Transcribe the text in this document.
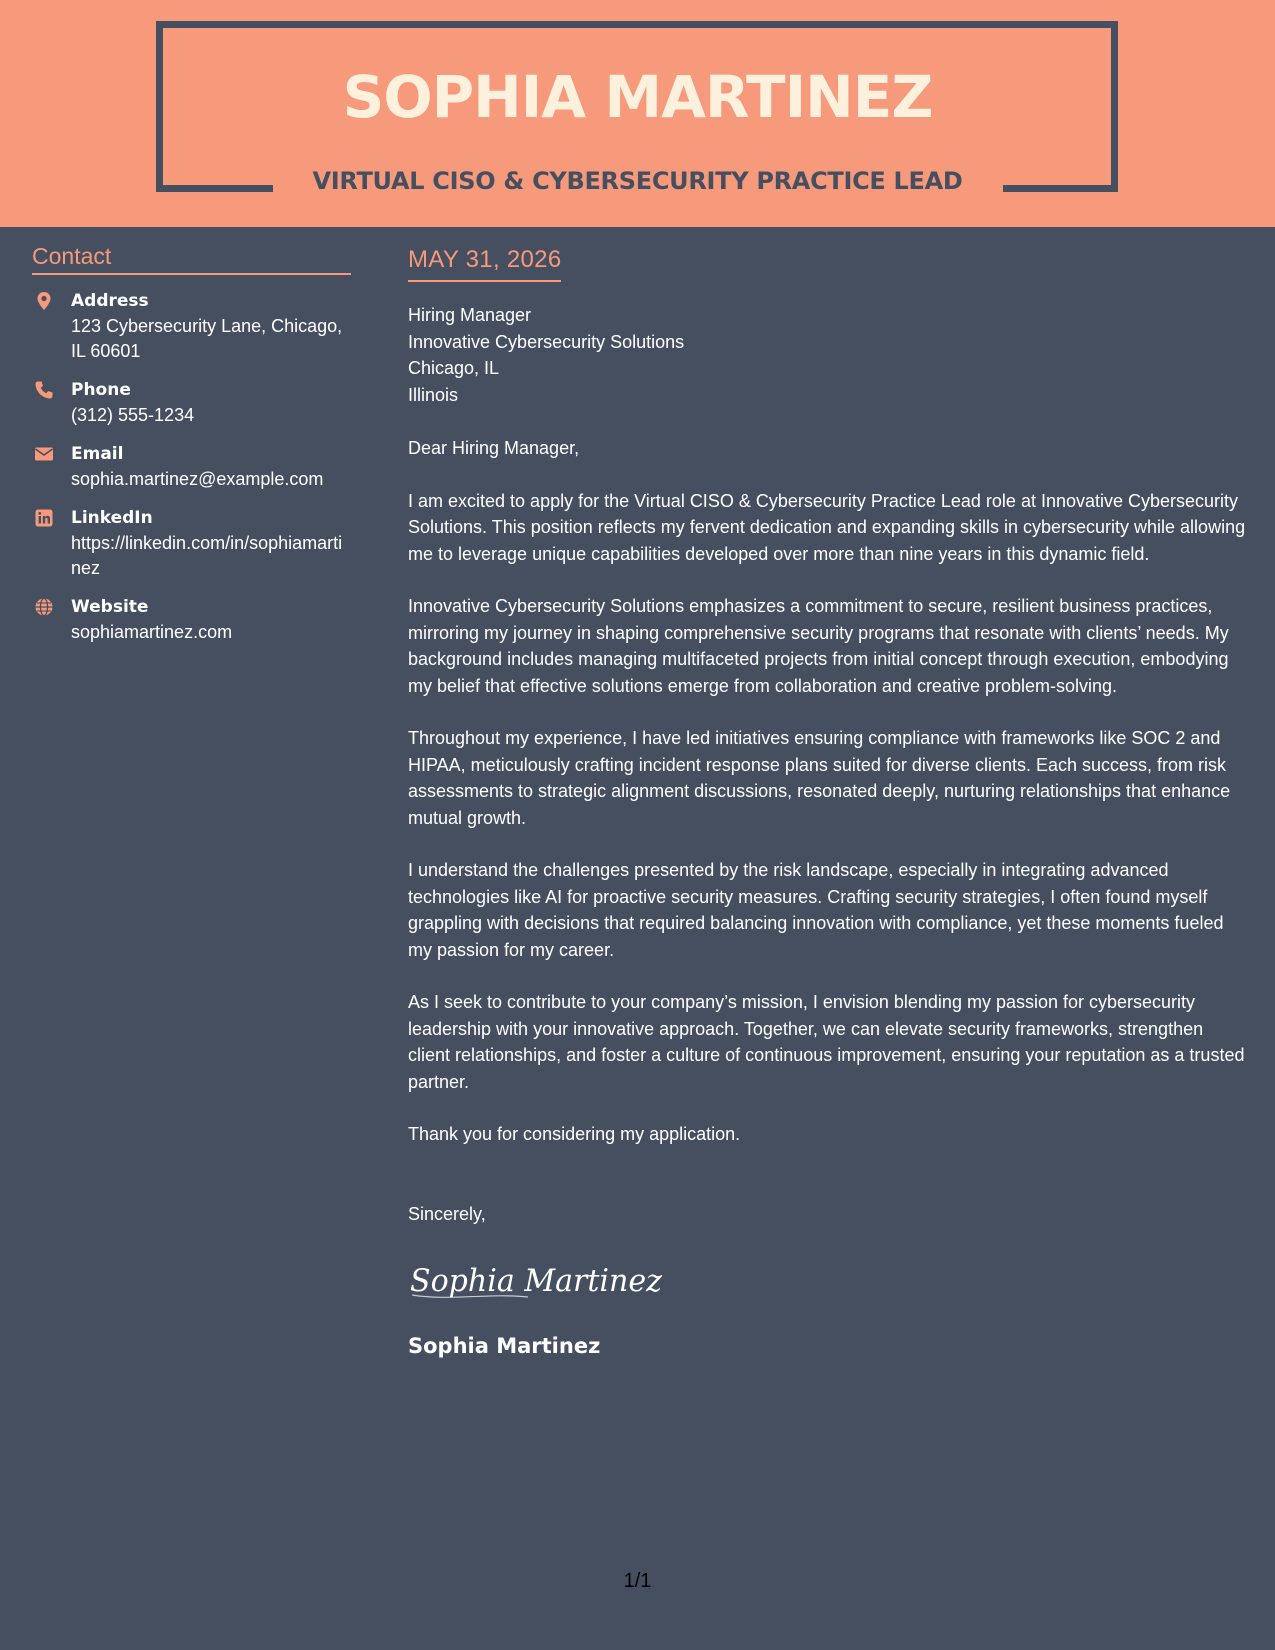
SOPHIA MARTINEZ
VIRTUAL CISO & CYBERSECURITY PRACTICE LEAD
Contact
Address
123 Cybersecurity Lane, Chicago, IL 60601
Phone
(312) 555-1234
Email
sophia.martinez@example.com
LinkedIn
https://linkedin.com/in/sophiamartinez
Website
sophiamartinez.com
MAY 31, 2026
Hiring Manager
Innovative Cybersecurity Solutions
Chicago, IL
Illinois
Dear Hiring Manager,
I am excited to apply for the Virtual CISO & Cybersecurity Practice Lead role at Innovative Cybersecurity Solutions. This position reflects my fervent dedication and expanding skills in cybersecurity while allowing me to leverage unique capabilities developed over more than nine years in this dynamic field.
Innovative Cybersecurity Solutions emphasizes a commitment to secure, resilient business practices, mirroring my journey in shaping comprehensive security programs that resonate with clients’ needs. My background includes managing multifaceted projects from initial concept through execution, embodying my belief that effective solutions emerge from collaboration and creative problem-solving.
Throughout my experience, I have led initiatives ensuring compliance with frameworks like SOC 2 and HIPAA, meticulously crafting incident response plans suited for diverse clients. Each success, from risk assessments to strategic alignment discussions, resonated deeply, nurturing relationships that enhance mutual growth.
I understand the challenges presented by the risk landscape, especially in integrating advanced technologies like AI for proactive security measures. Crafting security strategies, I often found myself grappling with decisions that required balancing innovation with compliance, yet these moments fueled my passion for my career.
As I seek to contribute to your company’s mission, I envision blending my passion for cybersecurity leadership with your innovative approach. Together, we can elevate security frameworks, strengthen client relationships, and foster a culture of continuous improvement, ensuring your reputation as a trusted partner.
Thank you for considering my application.
Sincerely,
Sophia Martinez
Sophia Martinez
1/1
